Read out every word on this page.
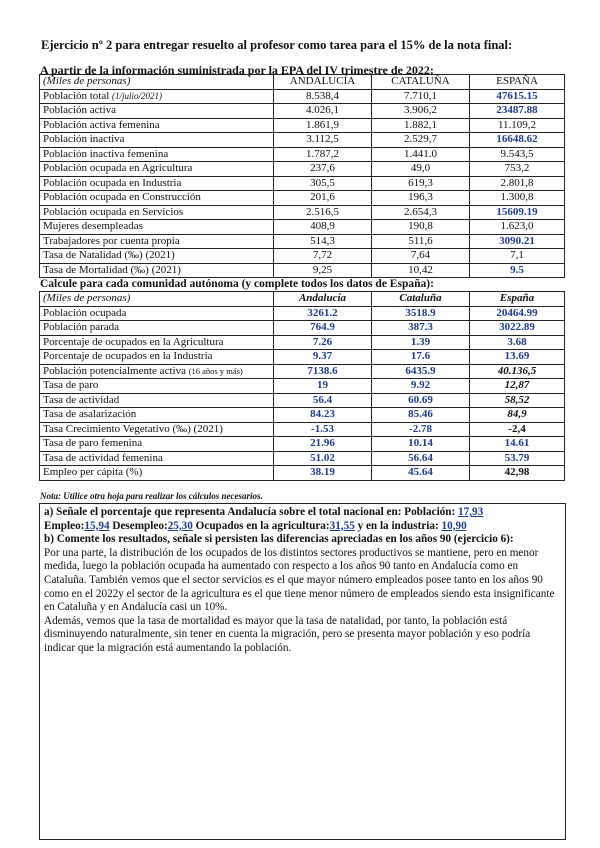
Ejercicio nº 2 para entregar resuelto al profesor como tarea para el 15% de la nota final:
A partir de la información suministrada por la EPA del IV trimestre de 2022:
(Miles de personas)	ANDALUCÍA	CATALUÑA	ESPAÑA
Población total (1/julio/2021)	8.538,4	7.710,1	47615.15
Población activa	4.026,1	3.906,2	23487.88
Población activa femenina	1.861,9	1.882,1	11.109,2
Población inactiva	3.112,5	2.529,7	16648.62
Población inactiva femenina	1.787,2	1.441.0	9.543,5
Población ocupada en Agricultura	237,6	49,0	753,2
Población ocupada en Industria	305,5	619,3	2.801,8
Población ocupada en Construcción	201,6	196,3	1.300,8
Población ocupada en Servicios	2.516,5	2.654,3	15609.19
Mujeres desempleadas	408,9	190,8	1.623,0
Trabajadores por cuenta propia	514,3	511,6	3090.21
Tasa de Natalidad (‰) (2021)	7,72	7,64	7,1
Tasa de Mortalidad (‰) (2021)	9,25	10,42	9.5
Calcule para cada comunidad autónoma (y complete todos los datos de España):
(Miles de personas)	Andalucía	Cataluña	España
Población ocupada	3261.2	3518.9	20464.99
Población parada	764.9	387.3	3022.89
Porcentaje de ocupados en la Agricultura	7.26	1.39	3.68
Porcentaje de ocupados en la Industria	9.37	17.6	13.69
Población potencialmente activa (16 años y más)	7138.6	6435.9	40.136,5
Tasa de paro	19	9.92	12,87
Tasa de actividad	56.4	60.69	58,52
Tasa de asalarización	84.23	85.46	84,9
Tasa Crecimiento Vegetativo (‰) (2021)	-1.53	-2.78	-2,4
Tasa de paro femenina	21.96	10.14	14.61
Tasa de actividad femenina	51.02	56.64	53.79
Empleo per cápita (%)	38.19	45.64	42,98
Nota: Utilice otra hoja para realizar los cálculos necesarios.

a) Señale el porcentaje que representa Andalucía sobre el total nacional en: Población: 17,93
Empleo:15,94 Desempleo:25,30 Ocupados en la agricultura:31,55 y en la industria: 10,90

b) Comente los resultados, señale si persisten las diferencias apreciadas en los años 90 (ejercicio 6):

Por una parte, la distribución de los ocupados de los distintos sectores productivos se mantiene, pero en menor medida, luego la población ocupada ha aumentado con respecto a los años 90 tanto en Andalucía como en Cataluña. También vemos que el sector servicios es el que mayor número empleados posee tanto en los años 90 como en el 2022y el sector de la agricultura es el que tiene menor número de empleados siendo esta insignificante en Cataluña y en Andalucía casi un 10%.

Además, vemos que la tasa de mortalidad es mayor que la tasa de natalidad, por tanto, la población está disminuyendo naturalmente, sin tener en cuenta la migración, pero se presenta mayor población y eso podría indicar que la migración está aumentando la población.
